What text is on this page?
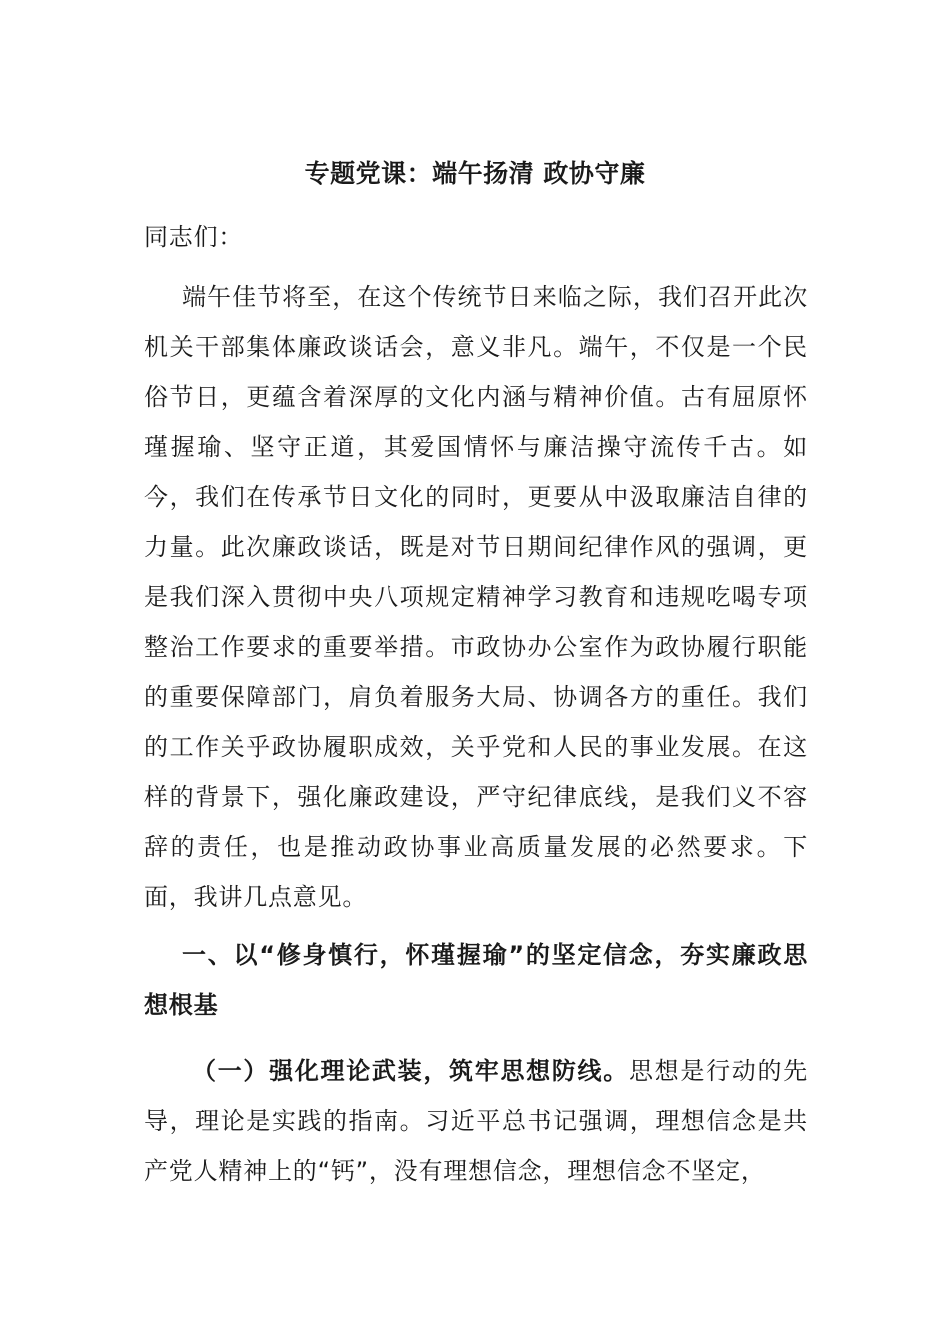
专题党课：端午扬清 政协守廉

同志们：

端午佳节将至，在这个传统节日来临之际，我们召开此次机关干部集体廉政谈话会，意义非凡。端午，不仅是一个民俗节日，更蕴含着深厚的文化内涵与精神价值。古有屈原怀瑾握瑜、坚守正道，其爱国情怀与廉洁操守流传千古。如今，我们在传承节日文化的同时，更要从中汲取廉洁自律的力量。此次廉政谈话，既是对节日期间纪律作风的强调，更是我们深入贯彻中央八项规定精神学习教育和违规吃喝专项整治工作要求的重要举措。市政协办公室作为政协履行职能的重要保障部门，肩负着服务大局、协调各方的重任。我们的工作关乎政协履职成效，关乎党和人民的事业发展。在这样的背景下，强化廉政建设，严守纪律底线，是我们义不容辞的责任，也是推动政协事业高质量发展的必然要求。下面，我讲几点意见。

一、以“修身慎行，怀瑾握瑜”的坚定信念，夯实廉政思想根基

（一）强化理论武装，筑牢思想防线。思想是行动的先导，理论是实践的指南。习近平总书记强调，理想信念是共产党人精神上的“钙”，没有理想信念，理想信念不坚定，
